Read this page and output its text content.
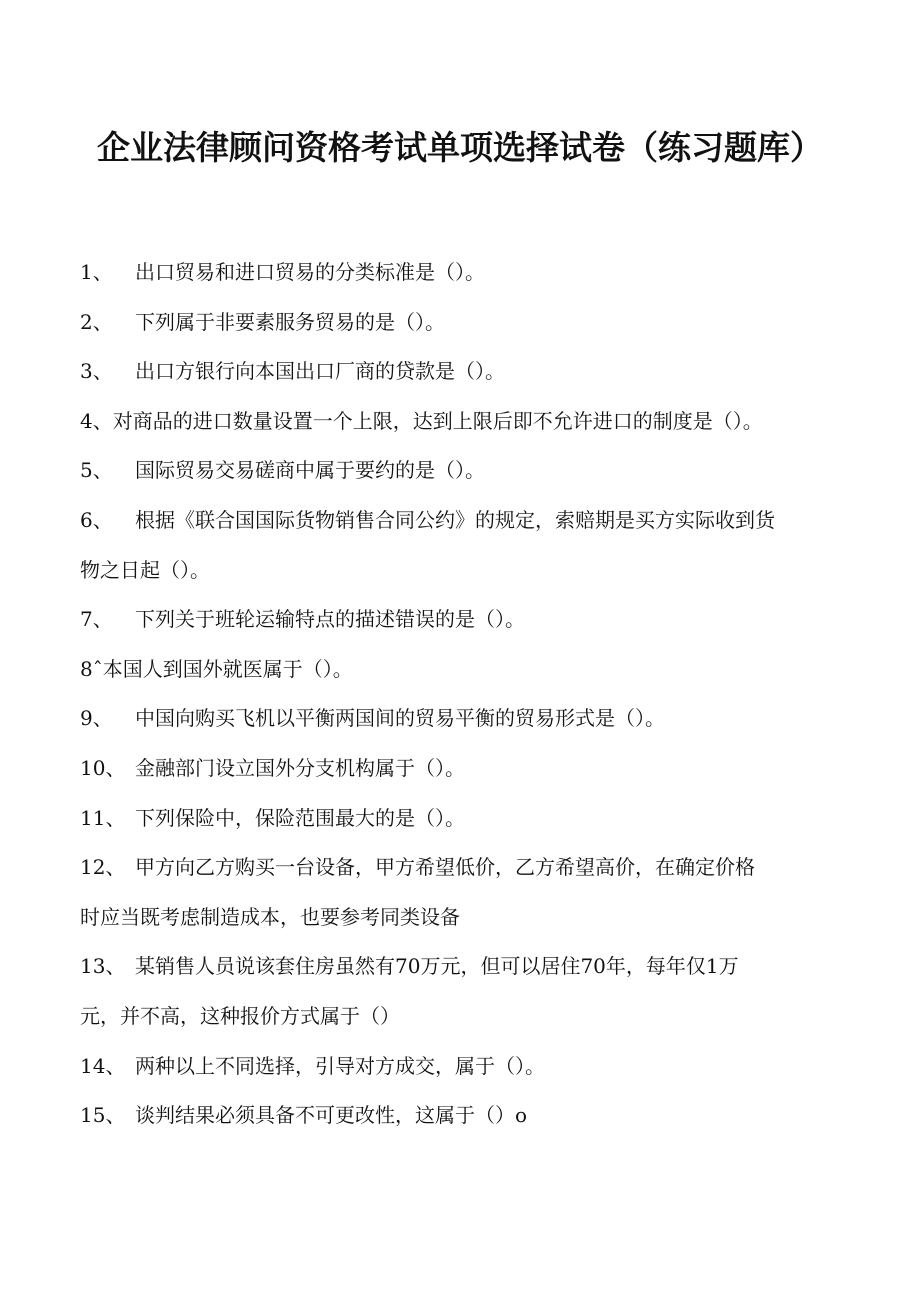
企业法律顾问资格考试单项选择试卷（练习题库）
1、 出口贸易和进口贸易的分类标准是（）。
2、 下列属于非要素服务贸易的是（）。
3、 出口方银行向本国出口厂商的贷款是（）。
4、对商品的进口数量设置一个上限，达到上限后即不允许进口的制度是（）。
5、 国际贸易交易磋商中属于要约的是（）。
6、 根据《联合国国际货物销售合同公约》的规定，索赔期是买方实际收到货
物之日起（）。
7、 下列关于班轮运输特点的描述错误的是（）。
8ˆ本国人到国外就医属于（）。
9、 中国向购买飞机以平衡两国间的贸易平衡的贸易形式是（）。
10、 金融部门设立国外分支机构属于（）。
11、 下列保险中，保险范围最大的是（）。
12、 甲方向乙方购买一台设备，甲方希望低价，乙方希望高价，在确定价格
时应当既考虑制造成本，也要参考同类设备
13、 某销售人员说该套住房虽然有70万元，但可以居住70年，每年仅1万
元，并不高，这种报价方式属于（）
14、 两种以上不同选择，引导对方成交，属于（）。
15、 谈判结果必须具备不可更改性，这属于（）o
